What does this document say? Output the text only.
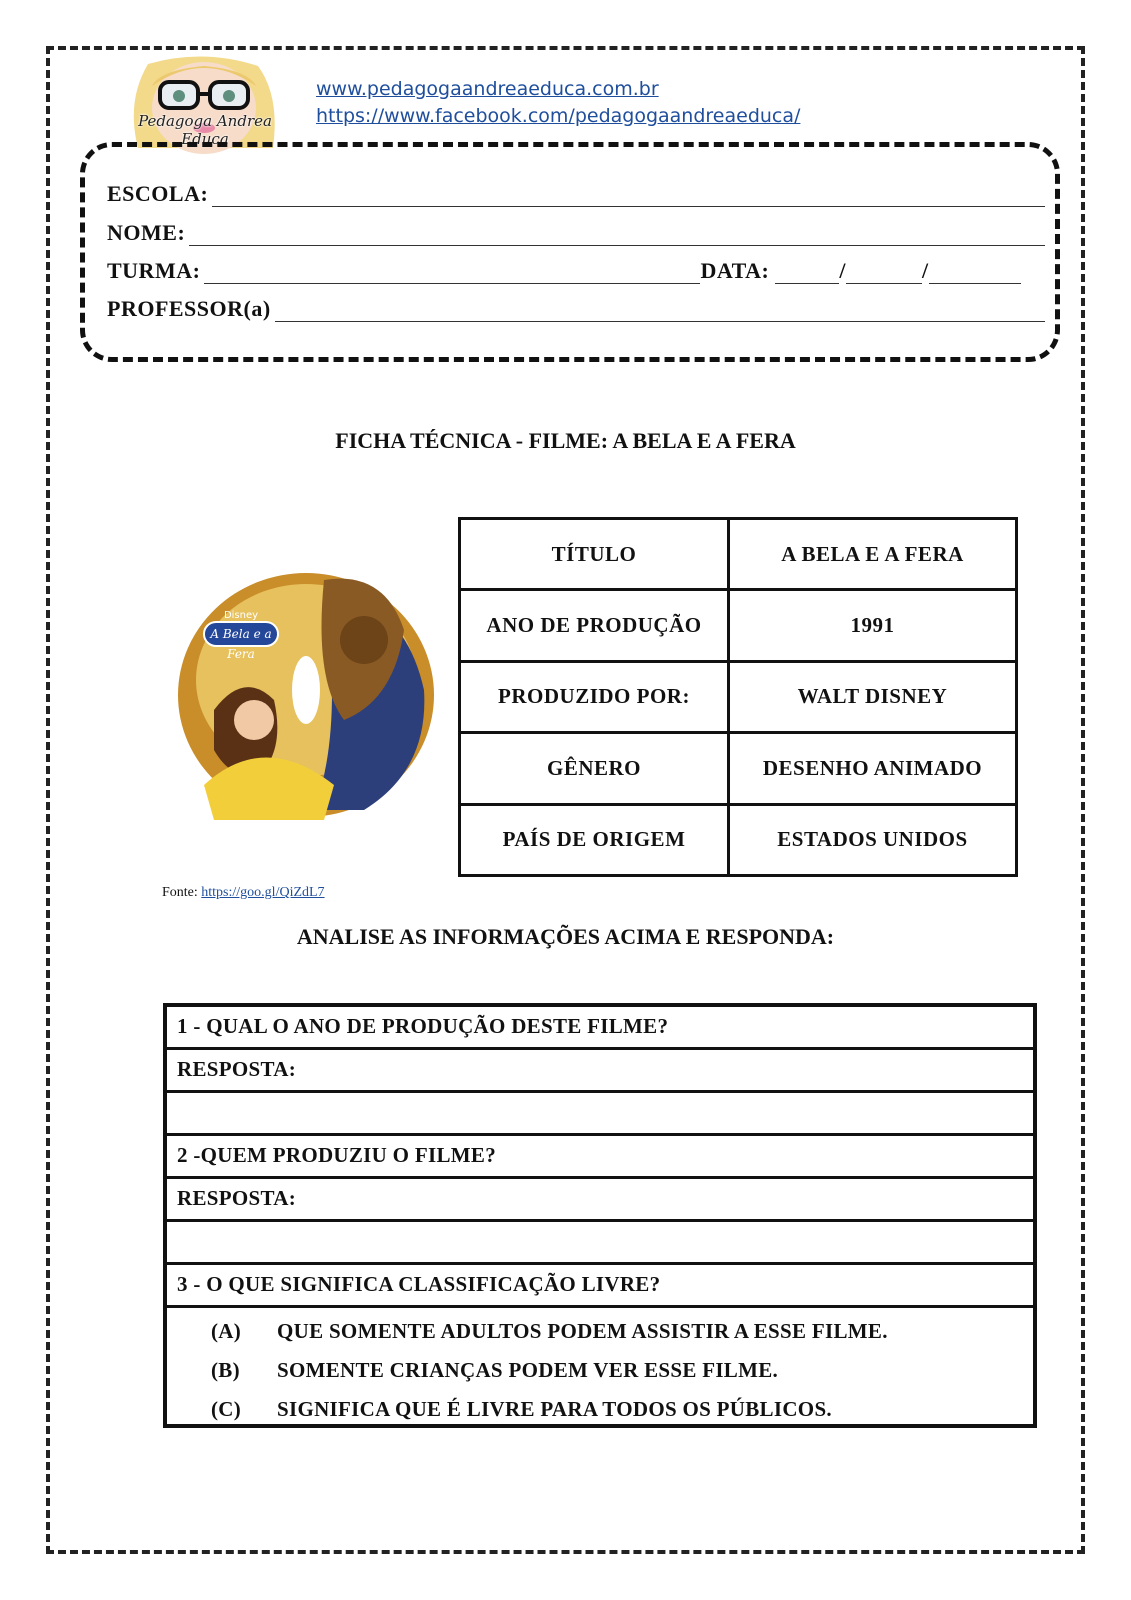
Pedagoga Andrea Educa
www.pedagogaandreaeduca.com.br
https://www.facebook.com/pedagogaandreaeduca/
ESCOLA:
NOME:
TURMA:	DATA:	/	/
PROFESSOR(a)
FICHA TÉCNICA - FILME: A BELA E A FERA
A Bela e a Fera
Disney
Fonte: https://goo.gl/QiZdL7
TÍTULO	A BELA E A FERA
ANO DE PRODUÇÃO	1991
PRODUZIDO POR:	WALT DISNEY
GÊNERO	DESENHO ANIMADO
PAÍS DE ORIGEM	ESTADOS UNIDOS
ANALISE AS INFORMAÇÕES ACIMA E RESPONDA:
1 - QUAL O ANO DE PRODUÇÃO DESTE FILME?
RESPOSTA:
2 -QUEM PRODUZIU O FILME?
RESPOSTA:
3 - O QUE SIGNIFICA CLASSIFICAÇÃO LIVRE?
(A)	QUE SOMENTE ADULTOS PODEM ASSISTIR A ESSE FILME.
(B)	SOMENTE CRIANÇAS PODEM VER ESSE FILME.
(C)	SIGNIFICA QUE É LIVRE PARA TODOS OS PÚBLICOS.
